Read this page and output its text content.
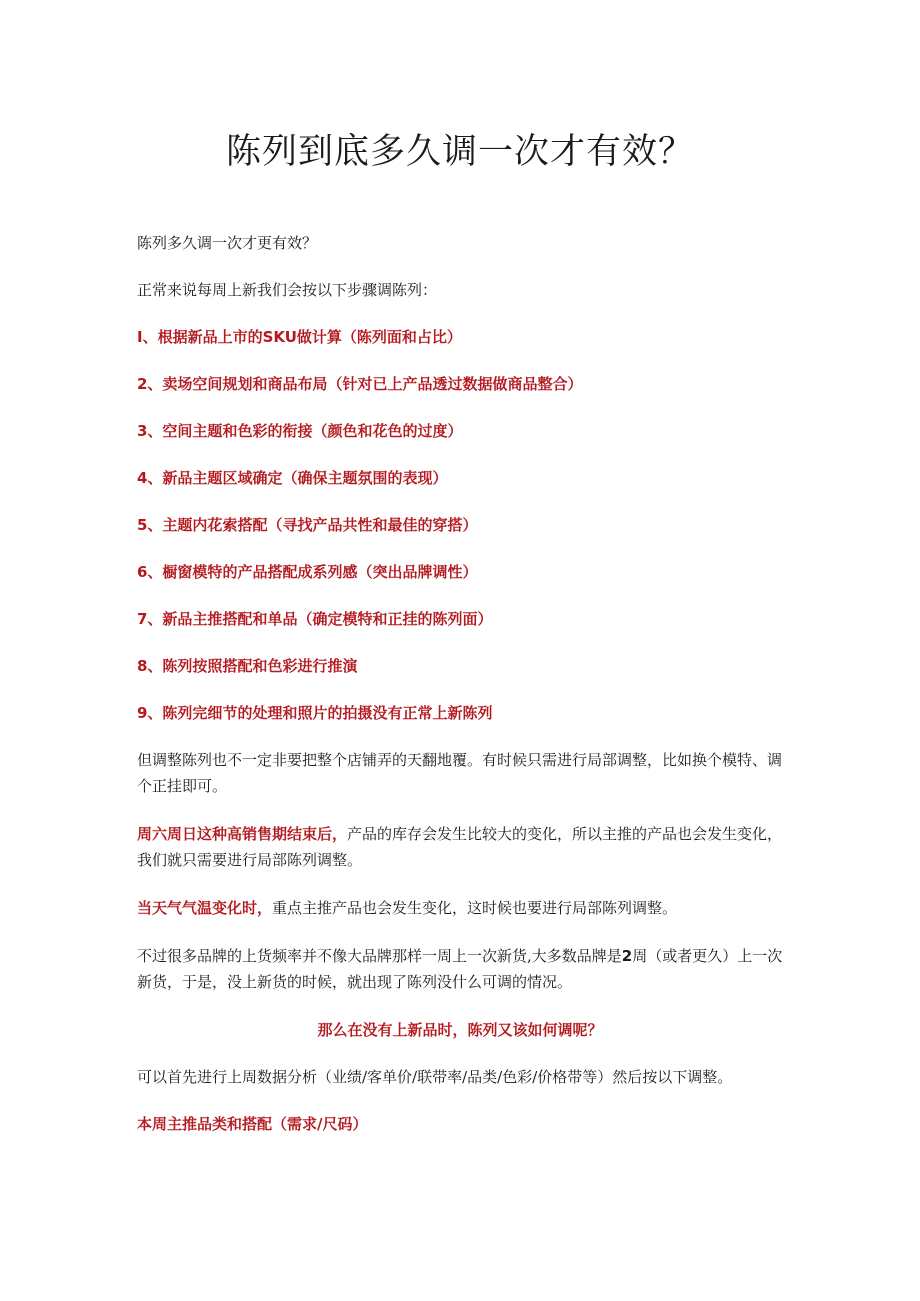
陈列到底多久调一次才有效？

陈列多久调一次才更有效？

正常来说每周上新我们会按以下步骤调陈列：

I、根据新品上市的SKU做计算（陈列面和占比）

2、卖场空间规划和商品布局（针对已上产品透过数据做商品整合）

3、空间主题和色彩的衔接（颜色和花色的过度）

4、新品主题区域确定（确保主题氛围的表现）

5、主题内花索搭配（寻找产品共性和最佳的穿搭）

6、橱窗模特的产品搭配成系列感（突出品牌调性）

7、新品主推搭配和单品（确定模特和正挂的陈列面）

8、陈列按照搭配和色彩进行推演

9、陈列完细节的处理和照片的拍摄没有正常上新陈列

但调整陈列也不一定非要把整个店铺弄的天翻地覆。有时候只需进行局部调整，比如换个模特、调个正挂即可。

周六周日这种高销售期结束后，产品的库存会发生比较大的变化，所以主推的产品也会发生变化，我们就只需要进行局部陈列调整。

当天气气温变化时，重点主推产品也会发生变化，这时候也要进行局部陈列调整。

不过很多品牌的上货频率并不像大品牌那样一周上一次新货,大多数品牌是2周（或者更久）上一次新货，于是，没上新货的时候，就出现了陈列没什么可调的情况。

那么在没有上新品时，陈列又该如何调呢？

可以首先进行上周数据分析（业绩/客单价/联带率/品类/色彩/价格带等）然后按以下调整。

本周主推品类和搭配（需求/尺码）
